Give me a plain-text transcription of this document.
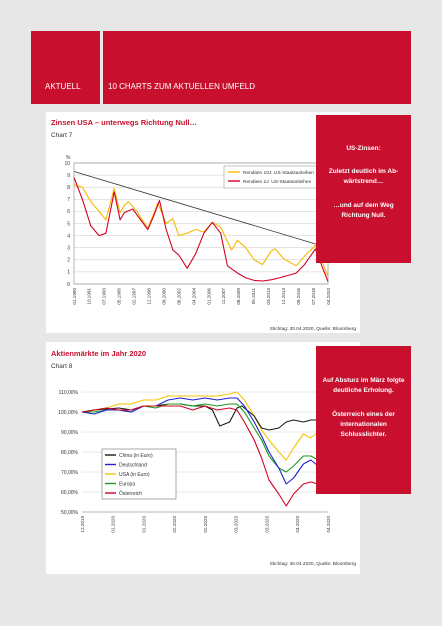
AKTUELL	10 CHARTS ZUM AKTUELLEN UMFELD
Zinsen USA – unterwegs Richtung Null…
Chart 7
%
0
1
2
3
4
5
6
7
8
9
10
01.1990 10.1991 07.1993 05.1995 02.1997 12.1998 09.2000 06.2002 04.2004 01.2006 11.2007 08.2009 05.2011 03.2013 12.2014 09.2016 07.2018 04.2020
Renditen 10J. US-Staatsanleihen
Renditen 2J. US-Staatsanleihen
Stichtag: 30.04.2020, Quelle: Bloomberg
US-Zinsen:
Zuletzt deutlich im Ab-wärtstrend…
…und auf dem Weg Richtung Null.
Aktienmärkte im Jahr 2020
Chart 8
50,00%
60,00%
70,00%
80,00%
90,00%
100,00%
110,00%
12.2019	01.2020	01.2020	02.2020	02.2020	03.2020	03.2020	04.2020	04.2020
China (in Euro)
Deutschland
USA (in Euro)
Europa
Österreich
Stichtag: 30.04.2020, Quelle: Bloomberg
Auf Absturz im März folgte deutliche Erholung.
Österreich eines der internationalen Schlusslichter.
